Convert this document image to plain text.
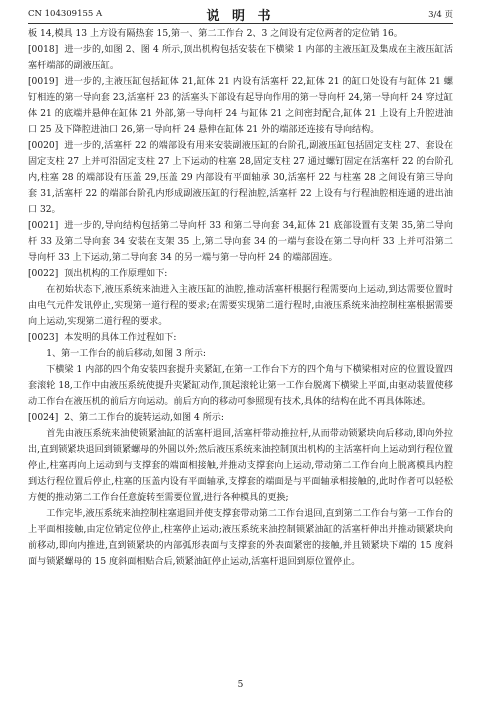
CN 104309155 A	说 明 书	3/4 页

板 14,模具 13 上方设有隔热套 15,第一、第二工作台 2、3 之间设有定位两者的定位销 16。

[0018] 进一步的,如图 2、图 4 所示,顶出机构包括安装在下横梁 1 内部的主液压缸及集成在主液压缸活塞杆端部的副液压缸。

[0019] 进一步的,主液压缸包括缸体 21,缸体 21 内设有活塞杆 22,缸体 21 的缸口处设有与缸体 21 螺钉相连的第一导向套 23,活塞杆 23 的活塞头下部设有起导向作用的第一导向杆 24,第一导向杆 24 穿过缸体 21 的底端并悬伸在缸体 21 外部,第一导向杆 24 与缸体 21 之间密封配合,缸体 21 上设有上升腔进油口 25 及下降腔进油口 26,第一导向杆 24 悬伸在缸体 21 外的端部还连接有导向结构。

[0020] 进一步的,活塞杆 22 的端部设有用来安装副液压缸的台阶孔,副液压缸包括固定支柱 27、套设在固定支柱 27 上并可沿固定支柱 27 上下运动的柱塞 28,固定支柱 27 通过螺钉固定在活塞杆 22 的台阶孔内,柱塞 28 的端部设有压盖 29,压盖 29 内部设有平面轴承 30,活塞杆 22 与柱塞 28 之间设有第三导向套 31,活塞杆 22 的端部台阶孔内形成副液压缸的行程油腔,活塞杆 22 上设有与行程油腔相连通的进出油口 32。

[0021] 进一步的,导向结构包括第二导向杆 33 和第二导向套 34,缸体 21 底部设置有支架 35,第二导向杆 33 及第二导向套 34 安装在支架 35 上,第二导向套 34 的一端与套设在第二导向杆 33 上并可沿第二导向杆 33 上下运动,第二导向套 34 的另一端与第一导向杆 24 的端部固连。

[0022] 顶出机构的工作原理如下:

在初始状态下,液压系统来油进入主液压缸的油腔,推动活塞杆根据行程需要向上运动,到达需要位置时由电气元件发讯停止,实现第一道行程的要求;在需要实现第二道行程时,由液压系统来油控制柱塞根据需要向上运动,实现第二道行程的要求。

[0023] 本发明的具体工作过程如下:

1、第一工作台的前后移动,如图 3 所示:

下横梁 1 内部的四个角安装四套提升夹紧缸,在第一工作台下方的四个角与下横梁相对应的位置设置四套滚轮 18,工作中由液压系统使提升夹紧缸动作,顶起滚轮让第一工作台脱离下横梁上平面,由驱动装置使移动工作台在液压机的前后方向运动。前后方向的移动可参照现有技术,具体的结构在此不再具体陈述。

[0024] 2、第二工作台的旋转运动,如图 4 所示:

首先由液压系统来油使锁紧油缸的活塞杆退回,活塞杆带动推拉杆,从而带动锁紧块向后移动,即向外拉出,直到锁紧块退回到锁紧螺母的外圆以外;然后液压系统来油控制顶出机构的主活塞杆向上运动到行程位置停止,柱塞再向上运动到与支撑套的端面相接触,并推动支撑套向上运动,带动第二工作台向上脱离模具内腔到达行程位置后停止,柱塞的压盖内设有平面轴承,支撑套的端面是与平面轴承相接触的,此时作者可以轻松方便的推动第二工作台任意旋转至需要位置,进行各种模具的更换;

工作完毕,液压系统来油控制柱塞退回并使支撑套带动第二工作台退回,直到第二工作台与第一工作台的上平面相接触,由定位销定位停止,柱塞停止运动;液压系统来油控制锁紧油缸的活塞杆伸出并推动锁紧块向前移动,即向内推进,直到锁紧块的内部弧形表面与支撑套的外表面紧密的接触,并且锁紧块下端的 15 度斜面与锁紧螺母的 15 度斜面相贴合后,锁紧油缸停止运动,活塞杆退回到原位置停止。

5
